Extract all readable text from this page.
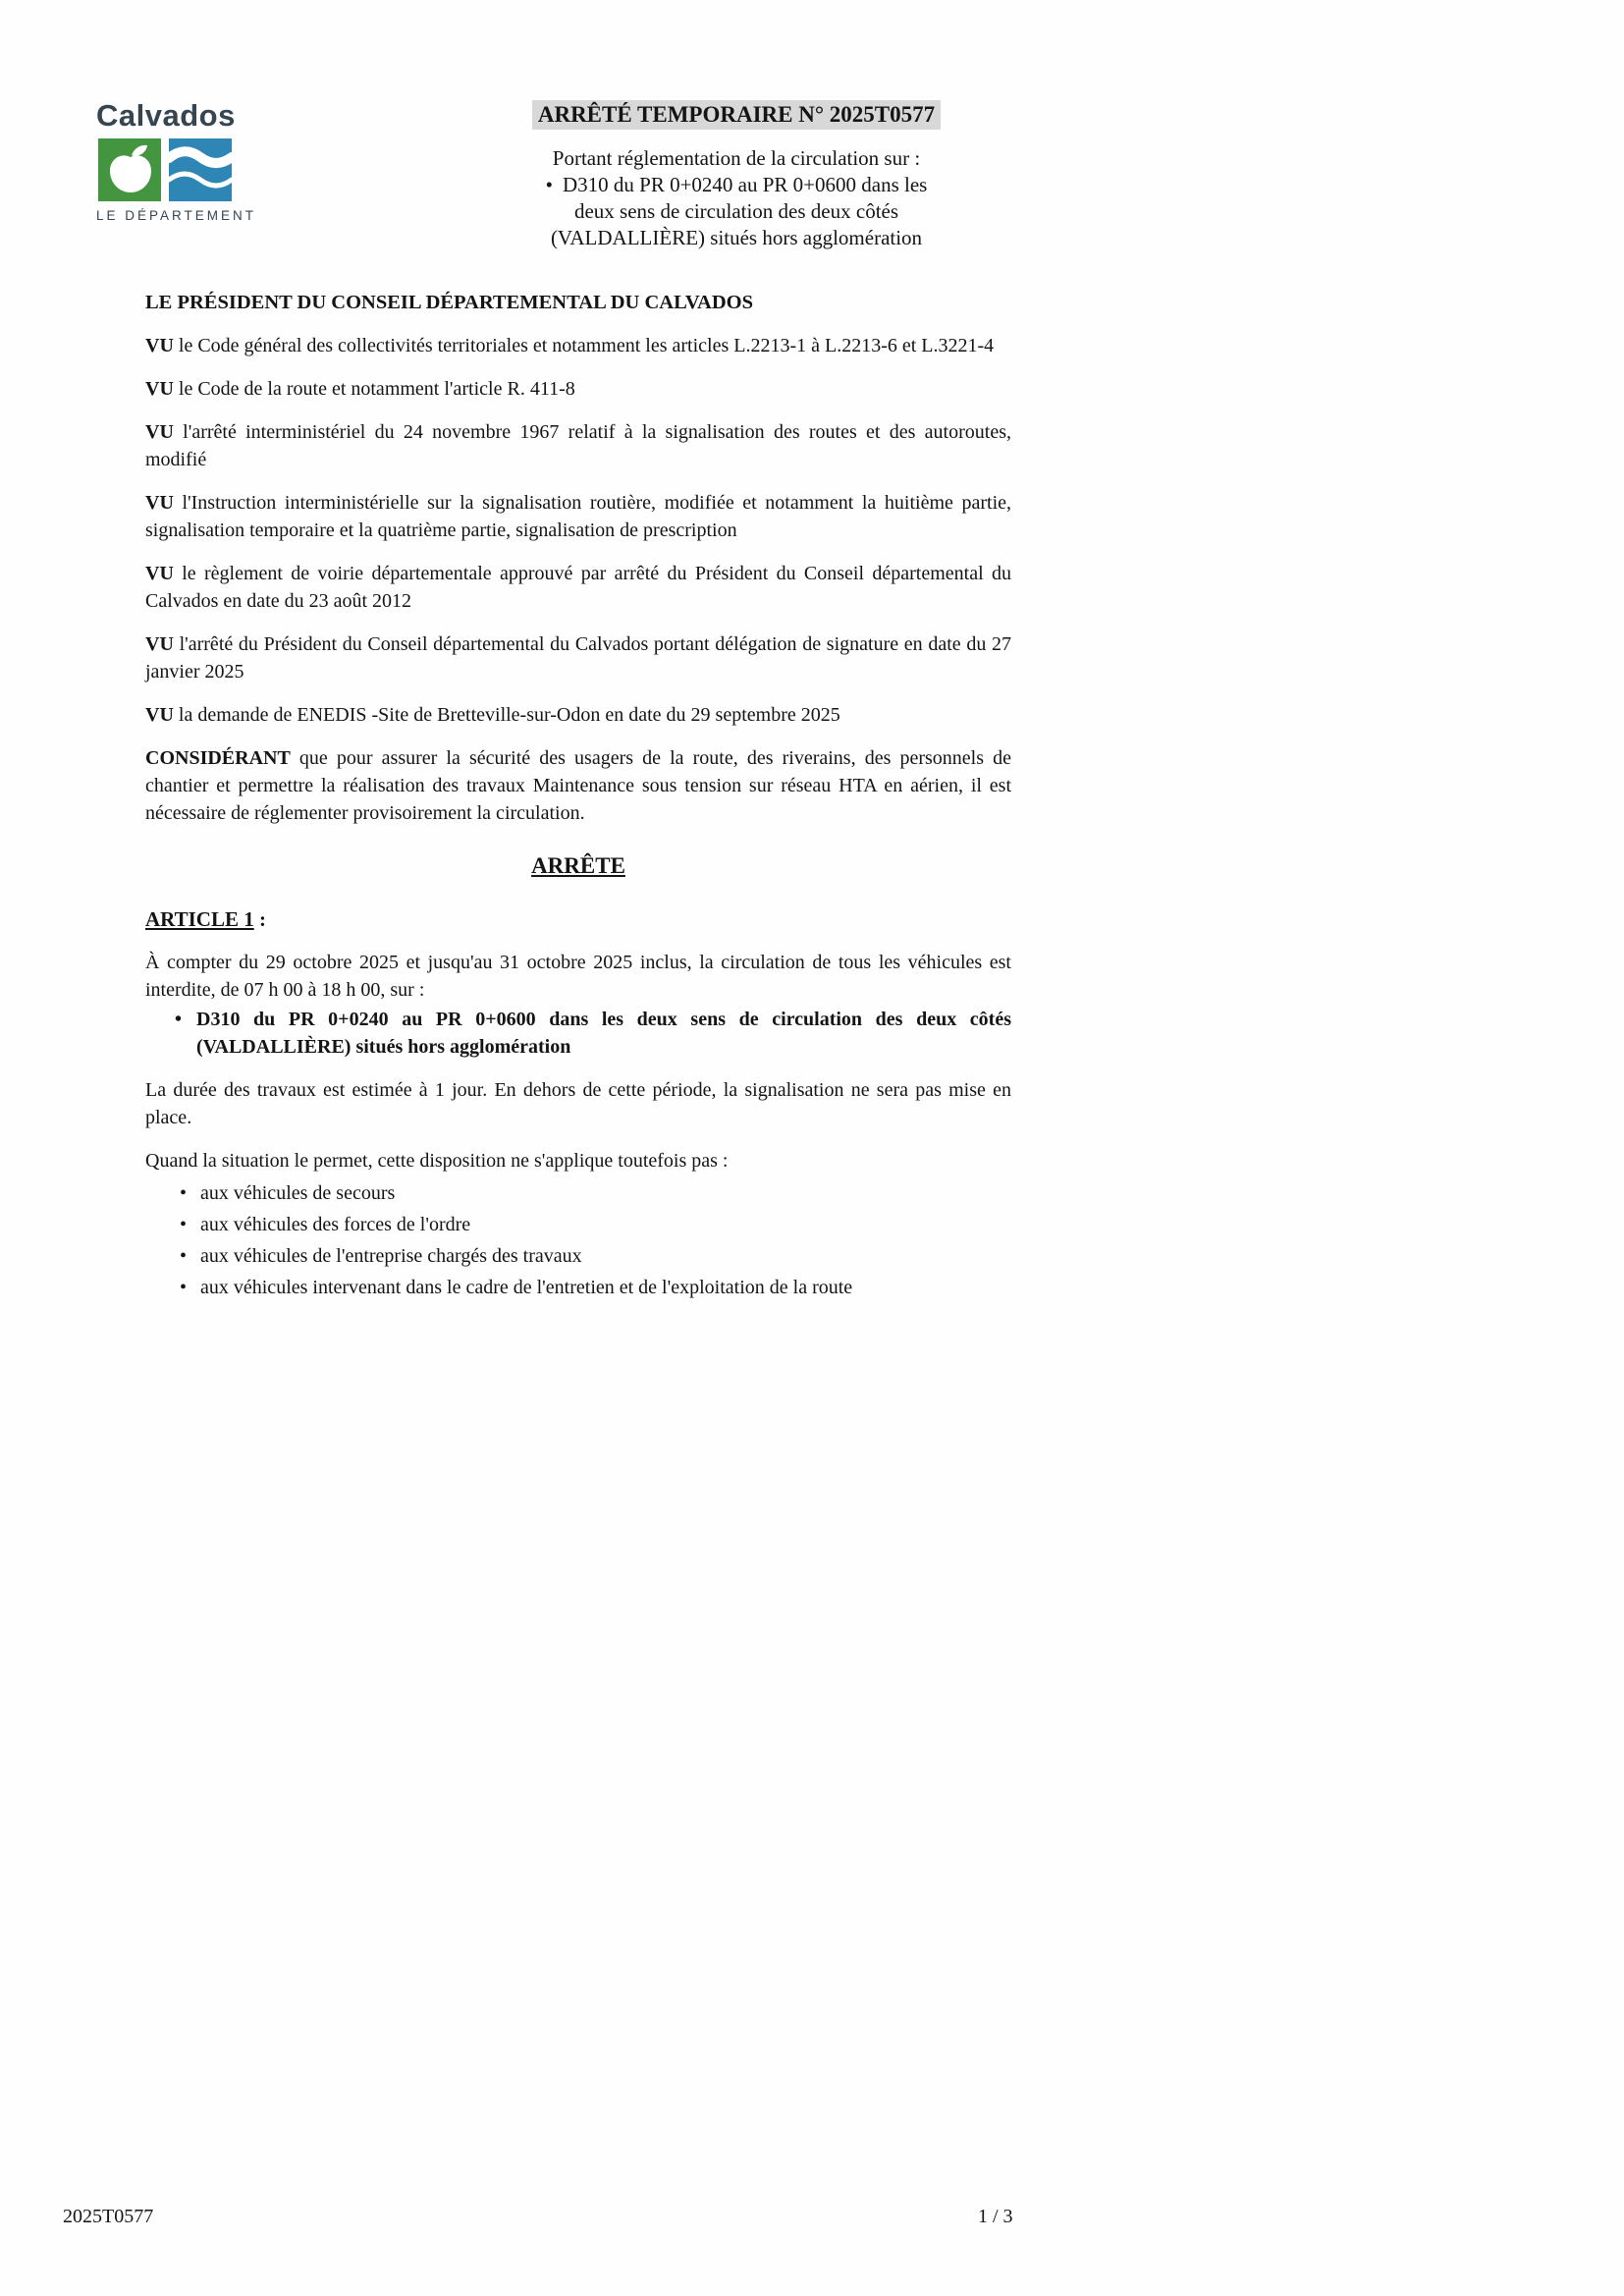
Calvados
LE DÉPARTEMENT
ARRÊTÉ TEMPORAIRE N° 2025T0577
Portant réglementation de la circulation sur :
• D310 du PR 0+0240 au PR 0+0600 dans les deux sens de circulation des deux côtés (VALDALLIÈRE) situés hors agglomération
LE PRÉSIDENT DU CONSEIL DÉPARTEMENTAL DU CALVADOS

VU le Code général des collectivités territoriales et notamment les articles L.2213-1 à L.2213-6 et L.3221-4

VU le Code de la route et notamment l'article R. 411-8

VU l'arrêté interministériel du 24 novembre 1967 relatif à la signalisation des routes et des autoroutes, modifié

VU l'Instruction interministérielle sur la signalisation routière, modifiée et notamment la huitième partie, signalisation temporaire et la quatrième partie, signalisation de prescription

VU le règlement de voirie départementale approuvé par arrêté du Président du Conseil départemental du Calvados en date du 23 août 2012

VU l'arrêté du Président du Conseil départemental du Calvados portant délégation de signature en date du 27 janvier 2025

VU la demande de ENEDIS -Site de Bretteville-sur-Odon en date du 29 septembre 2025

CONSIDÉRANT que pour assurer la sécurité des usagers de la route, des riverains, des personnels de chantier et permettre la réalisation des travaux Maintenance sous tension sur réseau HTA en aérien, il est nécessaire de réglementer provisoirement la circulation.

ARRÊTE
ARTICLE 1 :

À compter du 29 octobre 2025 et jusqu'au 31 octobre 2025 inclus, la circulation de tous les véhicules est interdite, de 07 h 00 à 18 h 00, sur :

• D310 du PR 0+0240 au PR 0+0600 dans les deux sens de circulation des deux côtés (VALDALLIÈRE) situés hors agglomération

La durée des travaux est estimée à 1 jour. En dehors de cette période, la signalisation ne sera pas mise en place.

Quand la situation le permet, cette disposition ne s'applique toutefois pas :

• aux véhicules de secours
• aux véhicules des forces de l'ordre
• aux véhicules de l'entreprise chargés des travaux
• aux véhicules intervenant dans le cadre de l'entretien et de l'exploitation de la route
2025T0577	1 / 3
